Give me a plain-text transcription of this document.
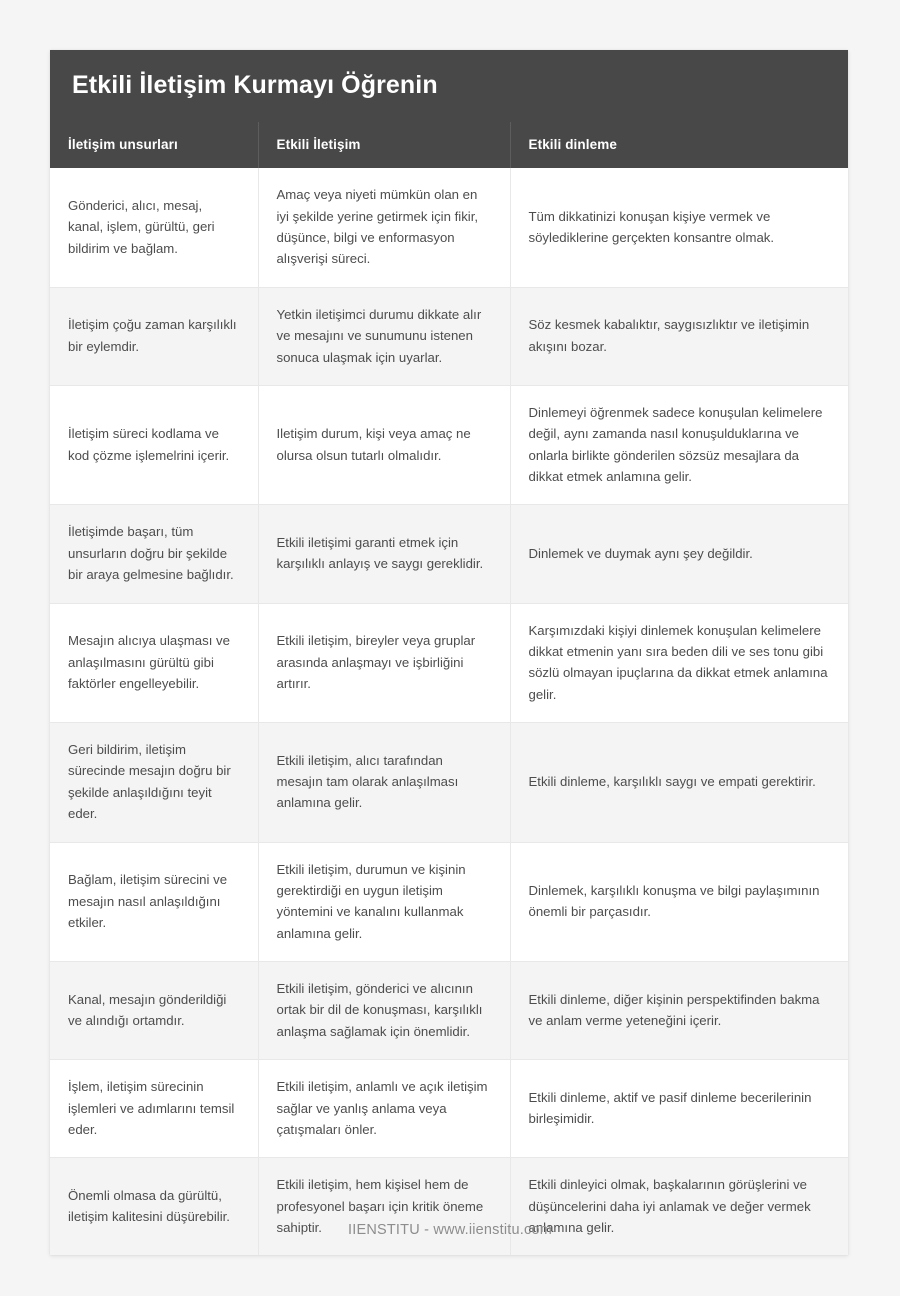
Etkili İletişim Kurmayı Öğrenin
İletişim unsurları	Etkili İletişim	Etkili dinleme
Gönderici, alıcı, mesaj, kanal, işlem, gürültü, geri bildirim ve bağlam.	Amaç veya niyeti mümkün olan en iyi şekilde yerine getirmek için fikir, düşünce, bilgi ve enformasyon alışverişi süreci.	Tüm dikkatinizi konuşan kişiye vermek ve söylediklerine gerçekten konsantre olmak.
İletişim çoğu zaman karşılıklı bir eylemdir.	Yetkin iletişimci durumu dikkate alır ve mesajını ve sunumunu istenen sonuca ulaşmak için uyarlar.	Söz kesmek kabalıktır, saygısızlıktır ve iletişimin akışını bozar.
İletişim süreci kodlama ve kod çözme işlemelrini içerir.	Iletişim durum, kişi veya amaç ne olursa olsun tutarlı olmalıdır.	Dinlemeyi öğrenmek sadece konuşulan kelimelere değil, aynı zamanda nasıl konuşulduklarına ve onlarla birlikte gönderilen sözsüz mesajlara da dikkat etmek anlamına gelir.
İletişimde başarı, tüm unsurların doğru bir şekilde bir araya gelmesine bağlıdır.	Etkili iletişimi garanti etmek için karşılıklı anlayış ve saygı gereklidir.	Dinlemek ve duymak aynı şey değildir.
Mesajın alıcıya ulaşması ve anlaşılmasını gürültü gibi faktörler engelleyebilir.	Etkili iletişim, bireyler veya gruplar arasında anlaşmayı ve işbirliğini artırır.	Karşımızdaki kişiyi dinlemek konuşulan kelimelere dikkat etmenin yanı sıra beden dili ve ses tonu gibi sözlü olmayan ipuçlarına da dikkat etmek anlamına gelir.
Geri bildirim, iletişim sürecinde mesajın doğru bir şekilde anlaşıldığını teyit eder.	Etkili iletişim, alıcı tarafından mesajın tam olarak anlaşılması anlamına gelir.	Etkili dinleme, karşılıklı saygı ve empati gerektirir.
Bağlam, iletişim sürecini ve mesajın nasıl anlaşıldığını etkiler.	Etkili iletişim, durumun ve kişinin gerektirdiği en uygun iletişim yöntemini ve kanalını kullanmak anlamına gelir.	Dinlemek, karşılıklı konuşma ve bilgi paylaşımının önemli bir parçasıdır.
Kanal, mesajın gönderildiği ve alındığı ortamdır.	Etkili iletişim, gönderici ve alıcının ortak bir dil de konuşması, karşılıklı anlaşma sağlamak için önemlidir.	Etkili dinleme, diğer kişinin perspektifinden bakma ve anlam verme yeteneğini içerir.
İşlem, iletişim sürecinin işlemleri ve adımlarını temsil eder.	Etkili iletişim, anlamlı ve açık iletişim sağlar ve yanlış anlama veya çatışmaları önler.	Etkili dinleme, aktif ve pasif dinleme becerilerinin birleşimidir.
Önemli olmasa da gürültü, iletişim kalitesini düşürebilir.	Etkili iletişim, hem kişisel hem de profesyonel başarı için kritik öneme sahiptir.	Etkili dinleyici olmak, başkalarının görüşlerini ve düşüncelerini daha iyi anlamak ve değer vermek anlamına gelir.
IIENSTITU - www.iienstitu.com
